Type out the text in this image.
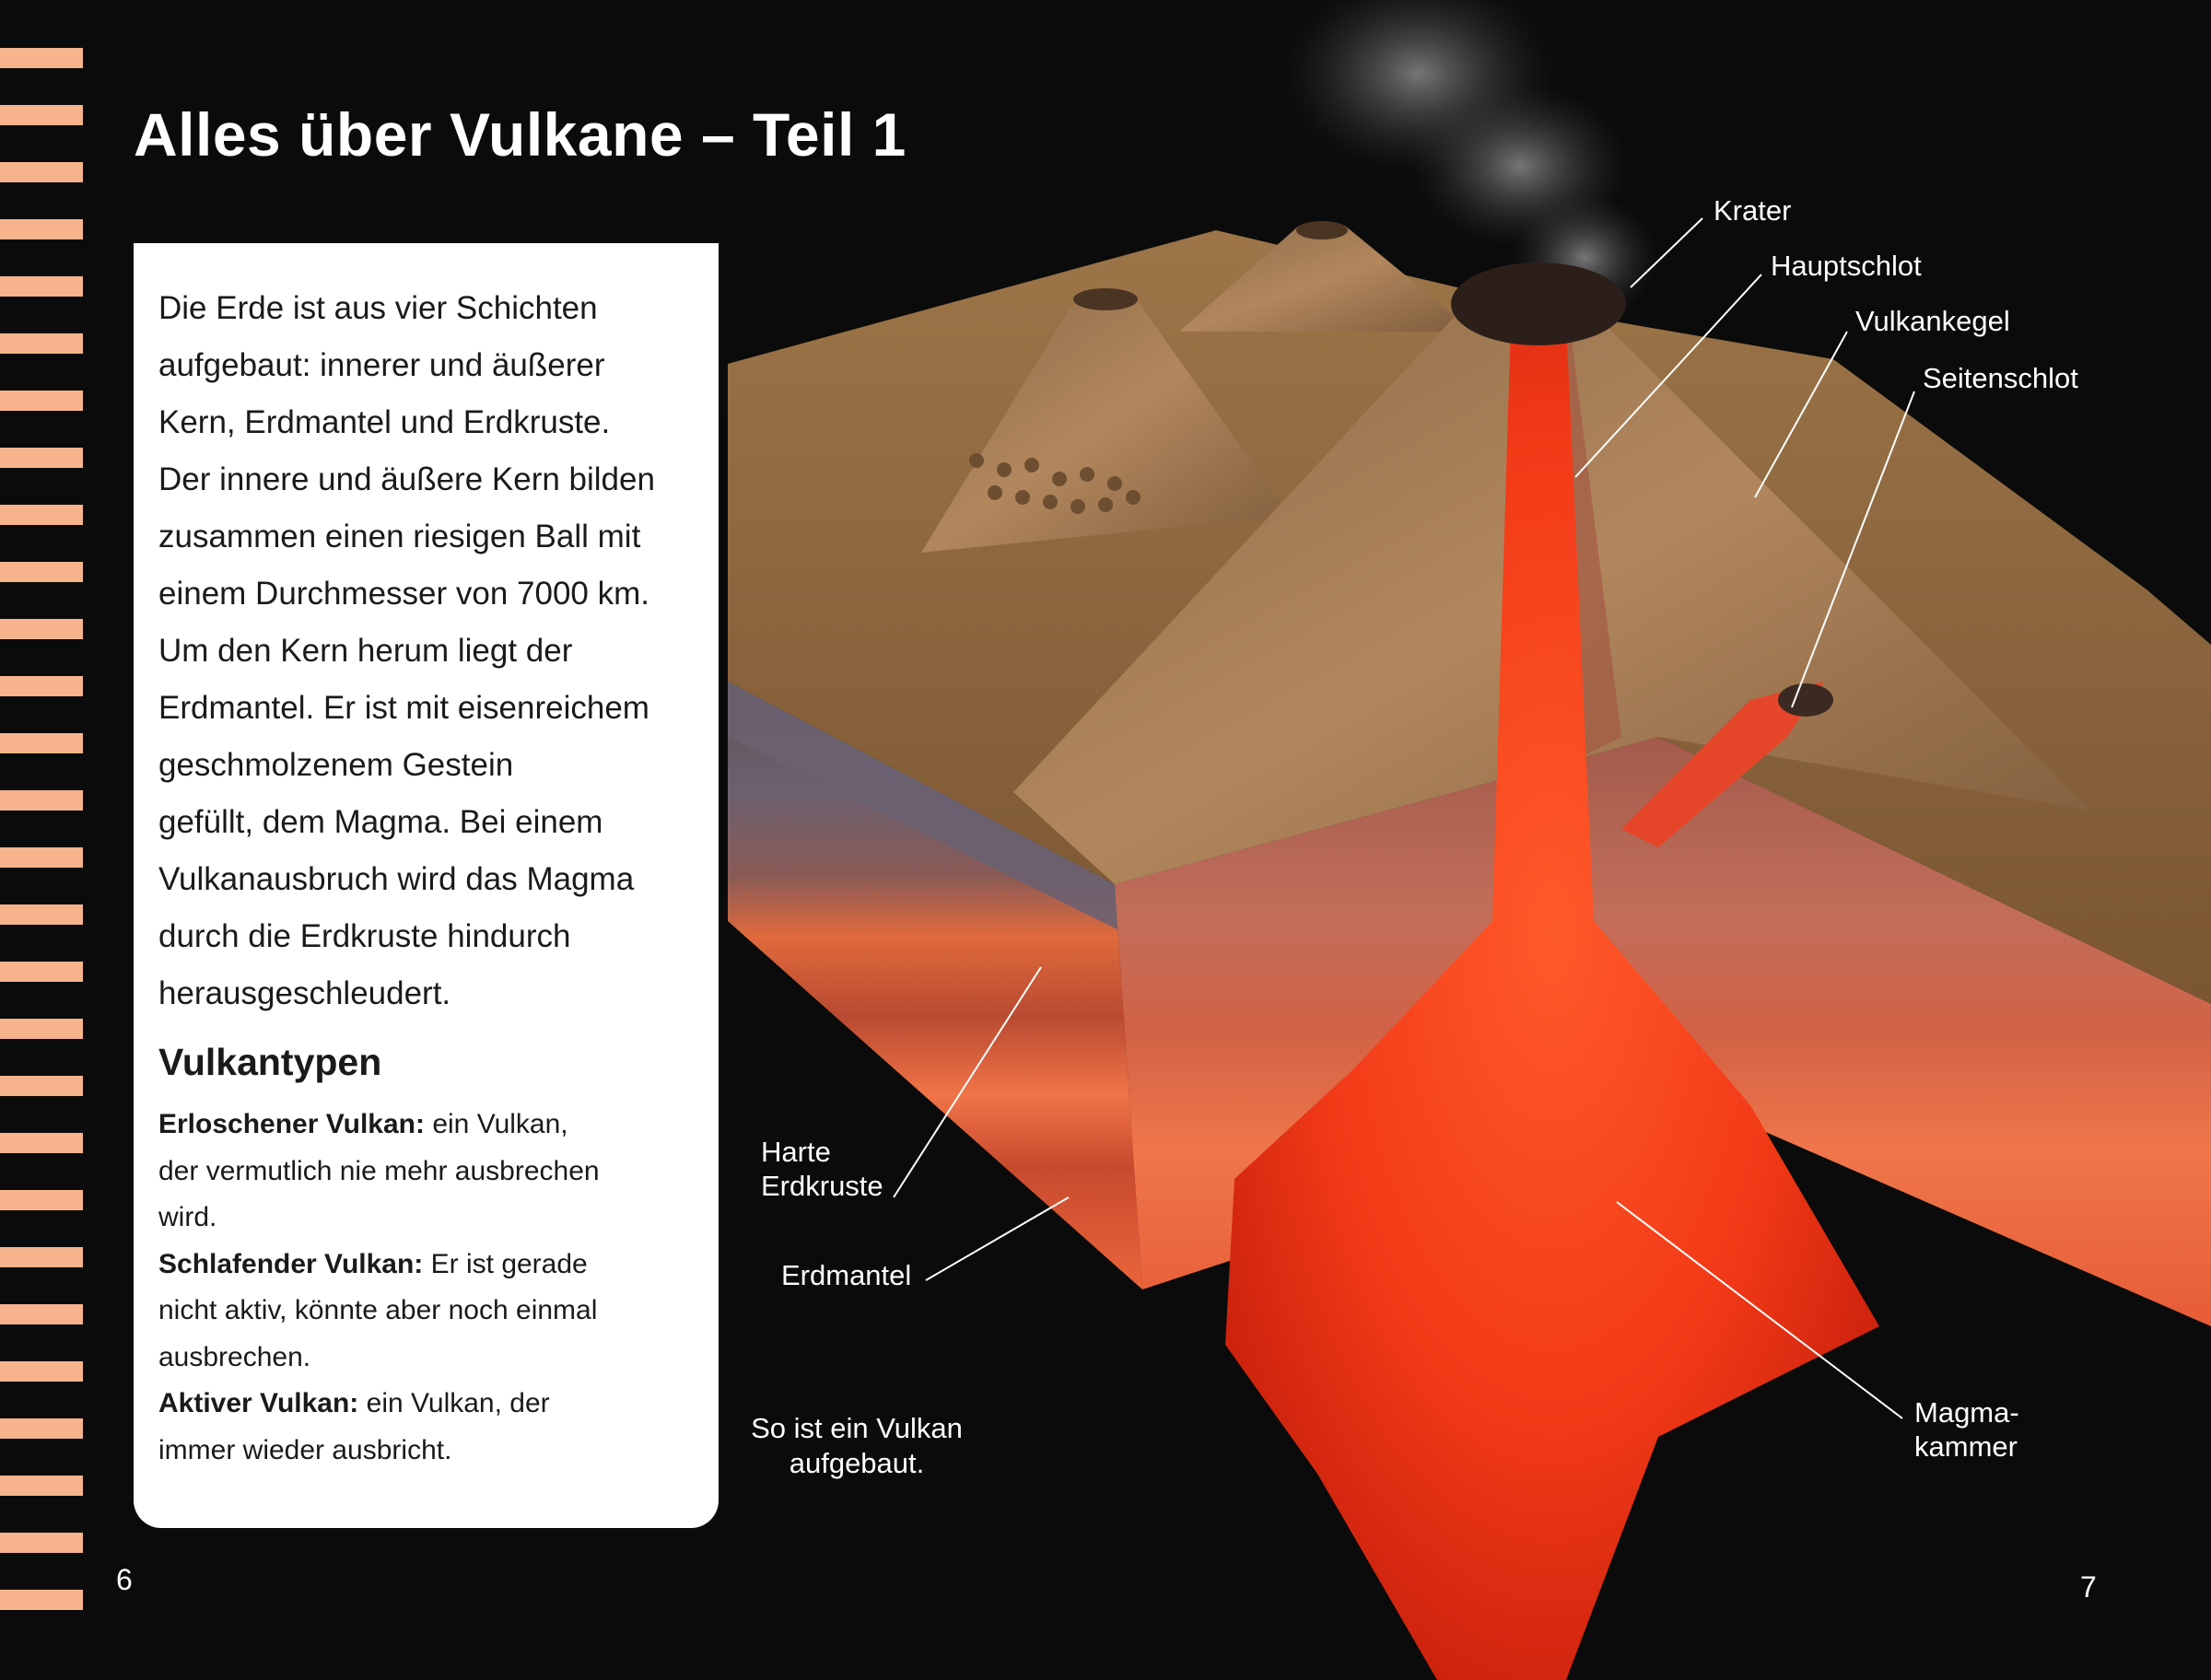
Alles über Vulkane – Teil 1

Die Erde ist aus vier Schichten

aufgebaut: innerer und äußerer

Kern, Erdmantel und Erdkruste.

Der innere und äußere Kern bilden

zusammen einen riesigen Ball mit

einem Durchmesser von 7000 km.

Um den Kern herum liegt der

Erdmantel. Er ist mit eisenreichem

geschmolzenem Gestein

gefüllt, dem Magma. Bei einem

Vulkanausbruch wird das Magma

durch die Erdkruste hindurch

herausgeschleudert.

Vulkantypen

Erloschener Vulkan: ein Vulkan,

der vermutlich nie mehr ausbrechen

wird.

Schlafender Vulkan: Er ist gerade

nicht aktiv, könnte aber noch einmal

ausbrechen.

Aktiver Vulkan: ein Vulkan, der

immer wieder ausbricht.

Krater
Hauptschlot
Vulkankegel
Seitenschlot
Harte
Erdkruste
Erdmantel
Magma-
kammer
So ist ein Vulkan
aufgebaut.
6	7
